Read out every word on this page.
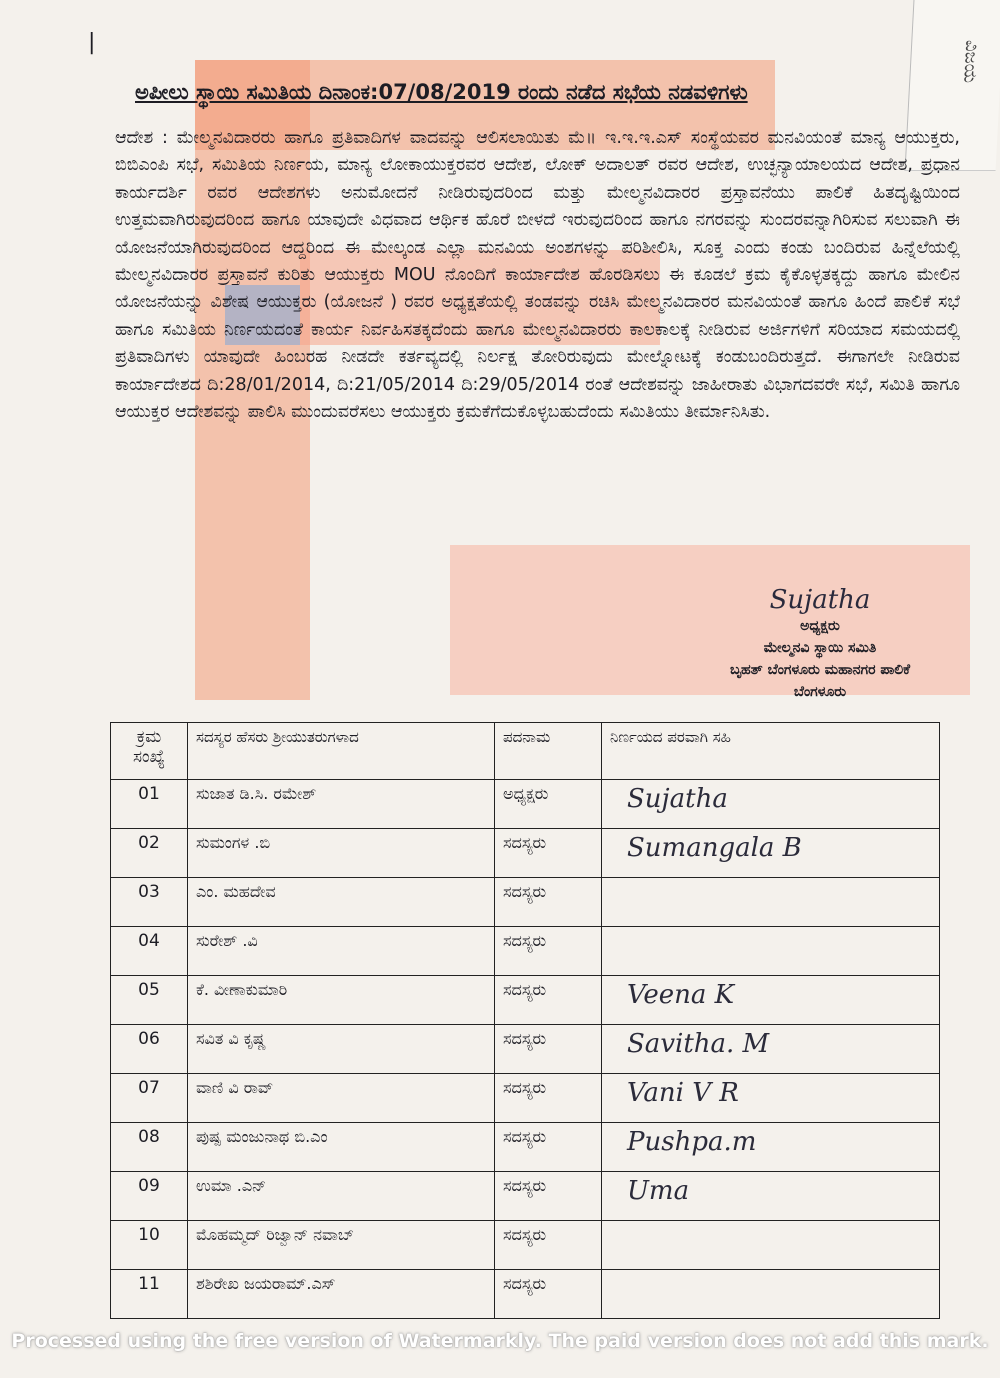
ವಿಜಯ
|
ಅಪೀಲು ಸ್ಥಾಯಿ ಸಮಿತಿಯ ದಿನಾಂಕ:07/08/2019 ರಂದು ನಡೆದ ಸಭೆಯ ನಡವಳಿಗಳು
ಆದೇಶ : ಮೇಲ್ಮನವಿದಾರರು ಹಾಗೂ ಪ್ರತಿವಾದಿಗಳ ವಾದವನ್ನು ಆಲಿಸಲಾಯಿತು ಮೆ॥ ಇ.ಇ.ಇ.ಎಸ್ ಸಂಸ್ಥೆಯವರ ಮನವಿಯಂತೆ ಮಾನ್ಯ ಆಯುಕ್ತರು, ಬಿಬಿಎಂಪಿ ಸಭೆ, ಸಮಿತಿಯ ನಿರ್ಣಯ, ಮಾನ್ಯ ಲೋಕಾಯುಕ್ತರವರ ಆದೇಶ, ಲೋಕ್ ಅದಾಲತ್ ರವರ ಆದೇಶ, ಉಚ್ಛನ್ಯಾಯಾಲಯದ ಆದೇಶ, ಪ್ರಧಾನ ಕಾರ್ಯದರ್ಶಿ ರವರ ಆದೇಶಗಳು ಅನುಮೋದನೆ ನೀಡಿರುವುದರಿಂದ ಮತ್ತು ಮೇಲ್ಮನವಿದಾರರ ಪ್ರಸ್ತಾವನೆಯು ಪಾಲಿಕೆ ಹಿತದೃಷ್ಟಿಯಿಂದ ಉತ್ತಮವಾಗಿರುವುದರಿಂದ ಹಾಗೂ ಯಾವುದೇ ವಿಧವಾದ ಆರ್ಥಿಕ ಹೊರೆ ಬೀಳದೆ ಇರುವುದರಿಂದ ಹಾಗೂ ನಗರವನ್ನು ಸುಂದರವನ್ನಾಗಿರಿಸುವ ಸಲುವಾಗಿ ಈ ಯೋಜನೆಯಾಗಿರುವುದರಿಂದ ಆದ್ದರಿಂದ ಈ ಮೇಲ್ಕಂಡ ಎಲ್ಲಾ ಮನವಿಯ ಅಂಶಗಳನ್ನು ಪರಿಶೀಲಿಸಿ, ಸೂಕ್ತ ಎಂದು ಕಂಡು ಬಂದಿರುವ ಹಿನ್ನೆಲೆಯಲ್ಲಿ ಮೇಲ್ಮನವಿದಾರರ ಪ್ರಸ್ತಾವನೆ ಕುರಿತು ಆಯುಕ್ತರು MOU ನೊಂದಿಗೆ ಕಾರ್ಯಾದೇಶ ಹೊರಡಿಸಲು ಈ ಕೂಡಲೆ ಕ್ರಮ ಕೈಕೊಳ್ಳತಕ್ಕದ್ದು ಹಾಗೂ ಮೇಲಿನ ಯೋಜನೆಯನ್ನು ವಿಶೇಷ ಆಯುಕ್ತರು (ಯೋಜನೆ ) ರವರ ಅಧ್ಯಕ್ಷತೆಯಲ್ಲಿ ತಂಡವನ್ನು ರಚಿಸಿ ಮೇಲ್ಮನವಿದಾರರ ಮನವಿಯಂತೆ ಹಾಗೂ ಹಿಂದೆ ಪಾಲಿಕೆ ಸಭೆ ಹಾಗೂ ಸಮಿತಿಯ ನಿರ್ಣಯದಂತೆ ಕಾರ್ಯ ನಿರ್ವಹಿಸತಕ್ಕದೆಂದು ಹಾಗೂ ಮೇಲ್ಮನವಿದಾರರು ಕಾಲಕಾಲಕ್ಕೆ ನೀಡಿರುವ ಅರ್ಜಿಗಳಿಗೆ ಸರಿಯಾದ ಸಮಯದಲ್ಲಿ ಪ್ರತಿವಾದಿಗಳು ಯಾವುದೇ ಹಿಂಬರಹ ನೀಡದೇ ಕರ್ತವ್ಯದಲ್ಲಿ ನಿರ್ಲಕ್ಷ ತೋರಿರುವುದು ಮೇಲ್ನೋಟಕ್ಕೆ ಕಂಡುಬಂದಿರುತ್ತದೆ. ಈಗಾಗಲೇ ನೀಡಿರುವ ಕಾರ್ಯಾದೇಶದ ದಿ:28/01/2014, ದಿ:21/05/2014 ದಿ:29/05/2014 ರಂತೆ ಆದೇಶವನ್ನು ಜಾಹೀರಾತು ವಿಭಾಗದವರೇ ಸಭೆ, ಸಮಿತಿ ಹಾಗೂ ಆಯುಕ್ತರ ಆದೇಶವನ್ನು ಪಾಲಿಸಿ ಮುಂದುವರೆಸಲು ಆಯುಕ್ತರು ಕ್ರಮಕೆಗೆದುಕೊಳ್ಳಬಹುದೆಂದು ಸಮಿತಿಯು ತೀರ್ಮಾನಿಸಿತು.
Sujatha
ಅಧ್ಯಕ್ಷರು
ಮೇಲ್ಮನವಿ ಸ್ಥಾಯಿ ಸಮಿತಿ
ಬೃಹತ್ ಬೆಂಗಳೂರು ಮಹಾನಗರ ಪಾಲಿಕೆ
ಬೆಂಗಳೂರು
ಕ್ರಮ ಸಂಖ್ಯೆ	ಸದಸ್ಯರ ಹೆಸರು ಶ್ರೀಯುತರುಗಳಾದ	ಪದನಾಮ	ನಿರ್ಣಯದ ಪರವಾಗಿ ಸಹಿ
01	ಸುಜಾತ ಡಿ.ಸಿ. ರಮೇಶ್	ಅಧ್ಯಕ್ಷರು	Sujatha
02	ಸುಮಂಗಳ .ಬಿ	ಸದಸ್ಯರು	Sumangala B
03	ಎಂ. ಮಹದೇವ	ಸದಸ್ಯರು	
04	ಸುರೇಶ್ .ವಿ	ಸದಸ್ಯರು	
05	ಕೆ. ವೀಣಾಕುಮಾರಿ	ಸದಸ್ಯರು	Veena K
06	ಸವಿತ ವಿ ಕೃಷ್ಣ	ಸದಸ್ಯರು	Savitha. M
07	ವಾಣಿ ವಿ ರಾವ್	ಸದಸ್ಯರು	Vani V R
08	ಪುಷ್ಪ ಮಂಜುನಾಥ ಬಿ.ಎಂ	ಸದಸ್ಯರು	Pushpa.m
09	ಉಮಾ .ಎನ್	ಸದಸ್ಯರು	Uma
10	ಮೊಹಮ್ಮದ್ ರಿಜ್ವಾನ್ ನವಾಬ್	ಸದಸ್ಯರು	
11	ಶಶಿರೇಖ ಜಯರಾಮ್.ಎಸ್	ಸದಸ್ಯರು	
Processed using the free version of Watermarkly. The paid version does not add this mark.
